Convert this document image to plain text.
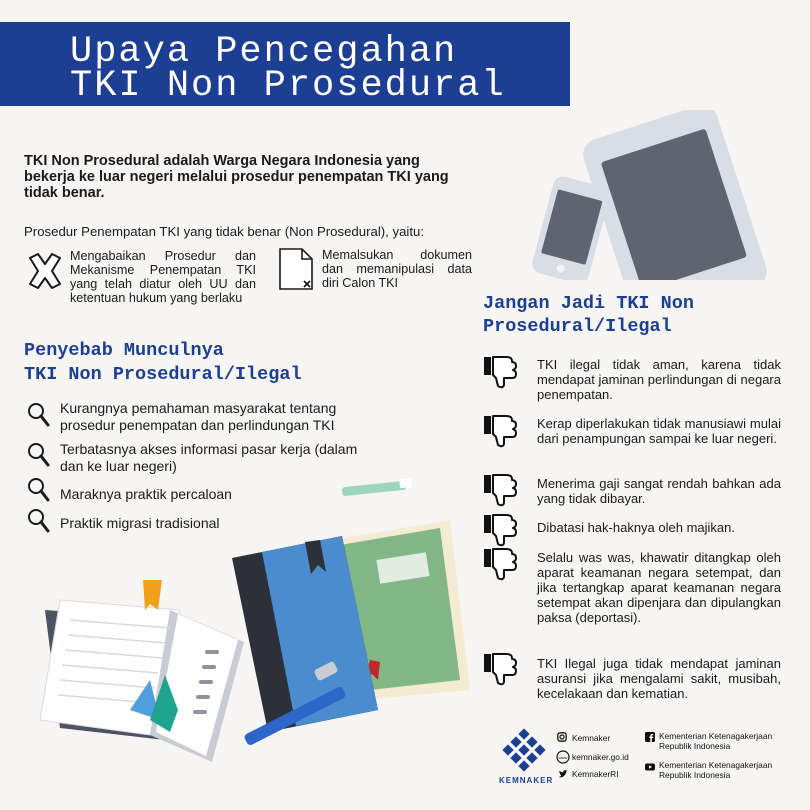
Upaya Pencegahan
TKI Non Prosedural
TKI Non Prosedural adalah Warga Negara Indonesia yang bekerja ke luar negeri melalui prosedur penempatan TKI yang tidak benar.
Prosedur Penempatan TKI yang tidak benar (Non Prosedural), yaitu:
Mengabaikan Prosedur dan Mekanisme Penempatan TKI yang telah diatur oleh UU dan ketentuan hukum yang berlaku
Memalsukan dokumen dan memanipulasi data diri Calon TKI
Penyebab Munculnya
TKI Non Prosedural/Ilegal
Kurangnya pemahaman masyarakat tentang prosedur penempatan dan perlindungan TKI
Terbatasnya akses informasi pasar kerja (dalam dan ke luar negeri)
Maraknya praktik percaloan
Praktik migrasi tradisional
Jangan Jadi TKI Non
Prosedural/Ilegal
TKI ilegal tidak aman, karena tidak mendapat jaminan perlindungan di negara penempatan.
Kerap diperlakukan tidak manusiawi mulai dari penampungan sampai ke luar negeri.
Menerima gaji sangat rendah bahkan ada yang tidak dibayar.
Dibatasi hak-haknya oleh majikan.
Selalu was was, khawatir ditangkap oleh aparat keamanan negara setempat, dan jika tertangkap aparat keamanan negara setempat akan dipenjara dan dipulangkan paksa (deportasi).
TKI Ilegal juga tidak mendapat jaminan asuransi jika mengalami sakit, musibah, kecelakaan dan kematian.
KEMNAKER
Kemnaker
www kemnaker.go.id
KemnakerRI
Kementerian Ketenagakerjaan
Republik Indonesia
Kementerian Ketenagakerjaan
Republik Indonesia
